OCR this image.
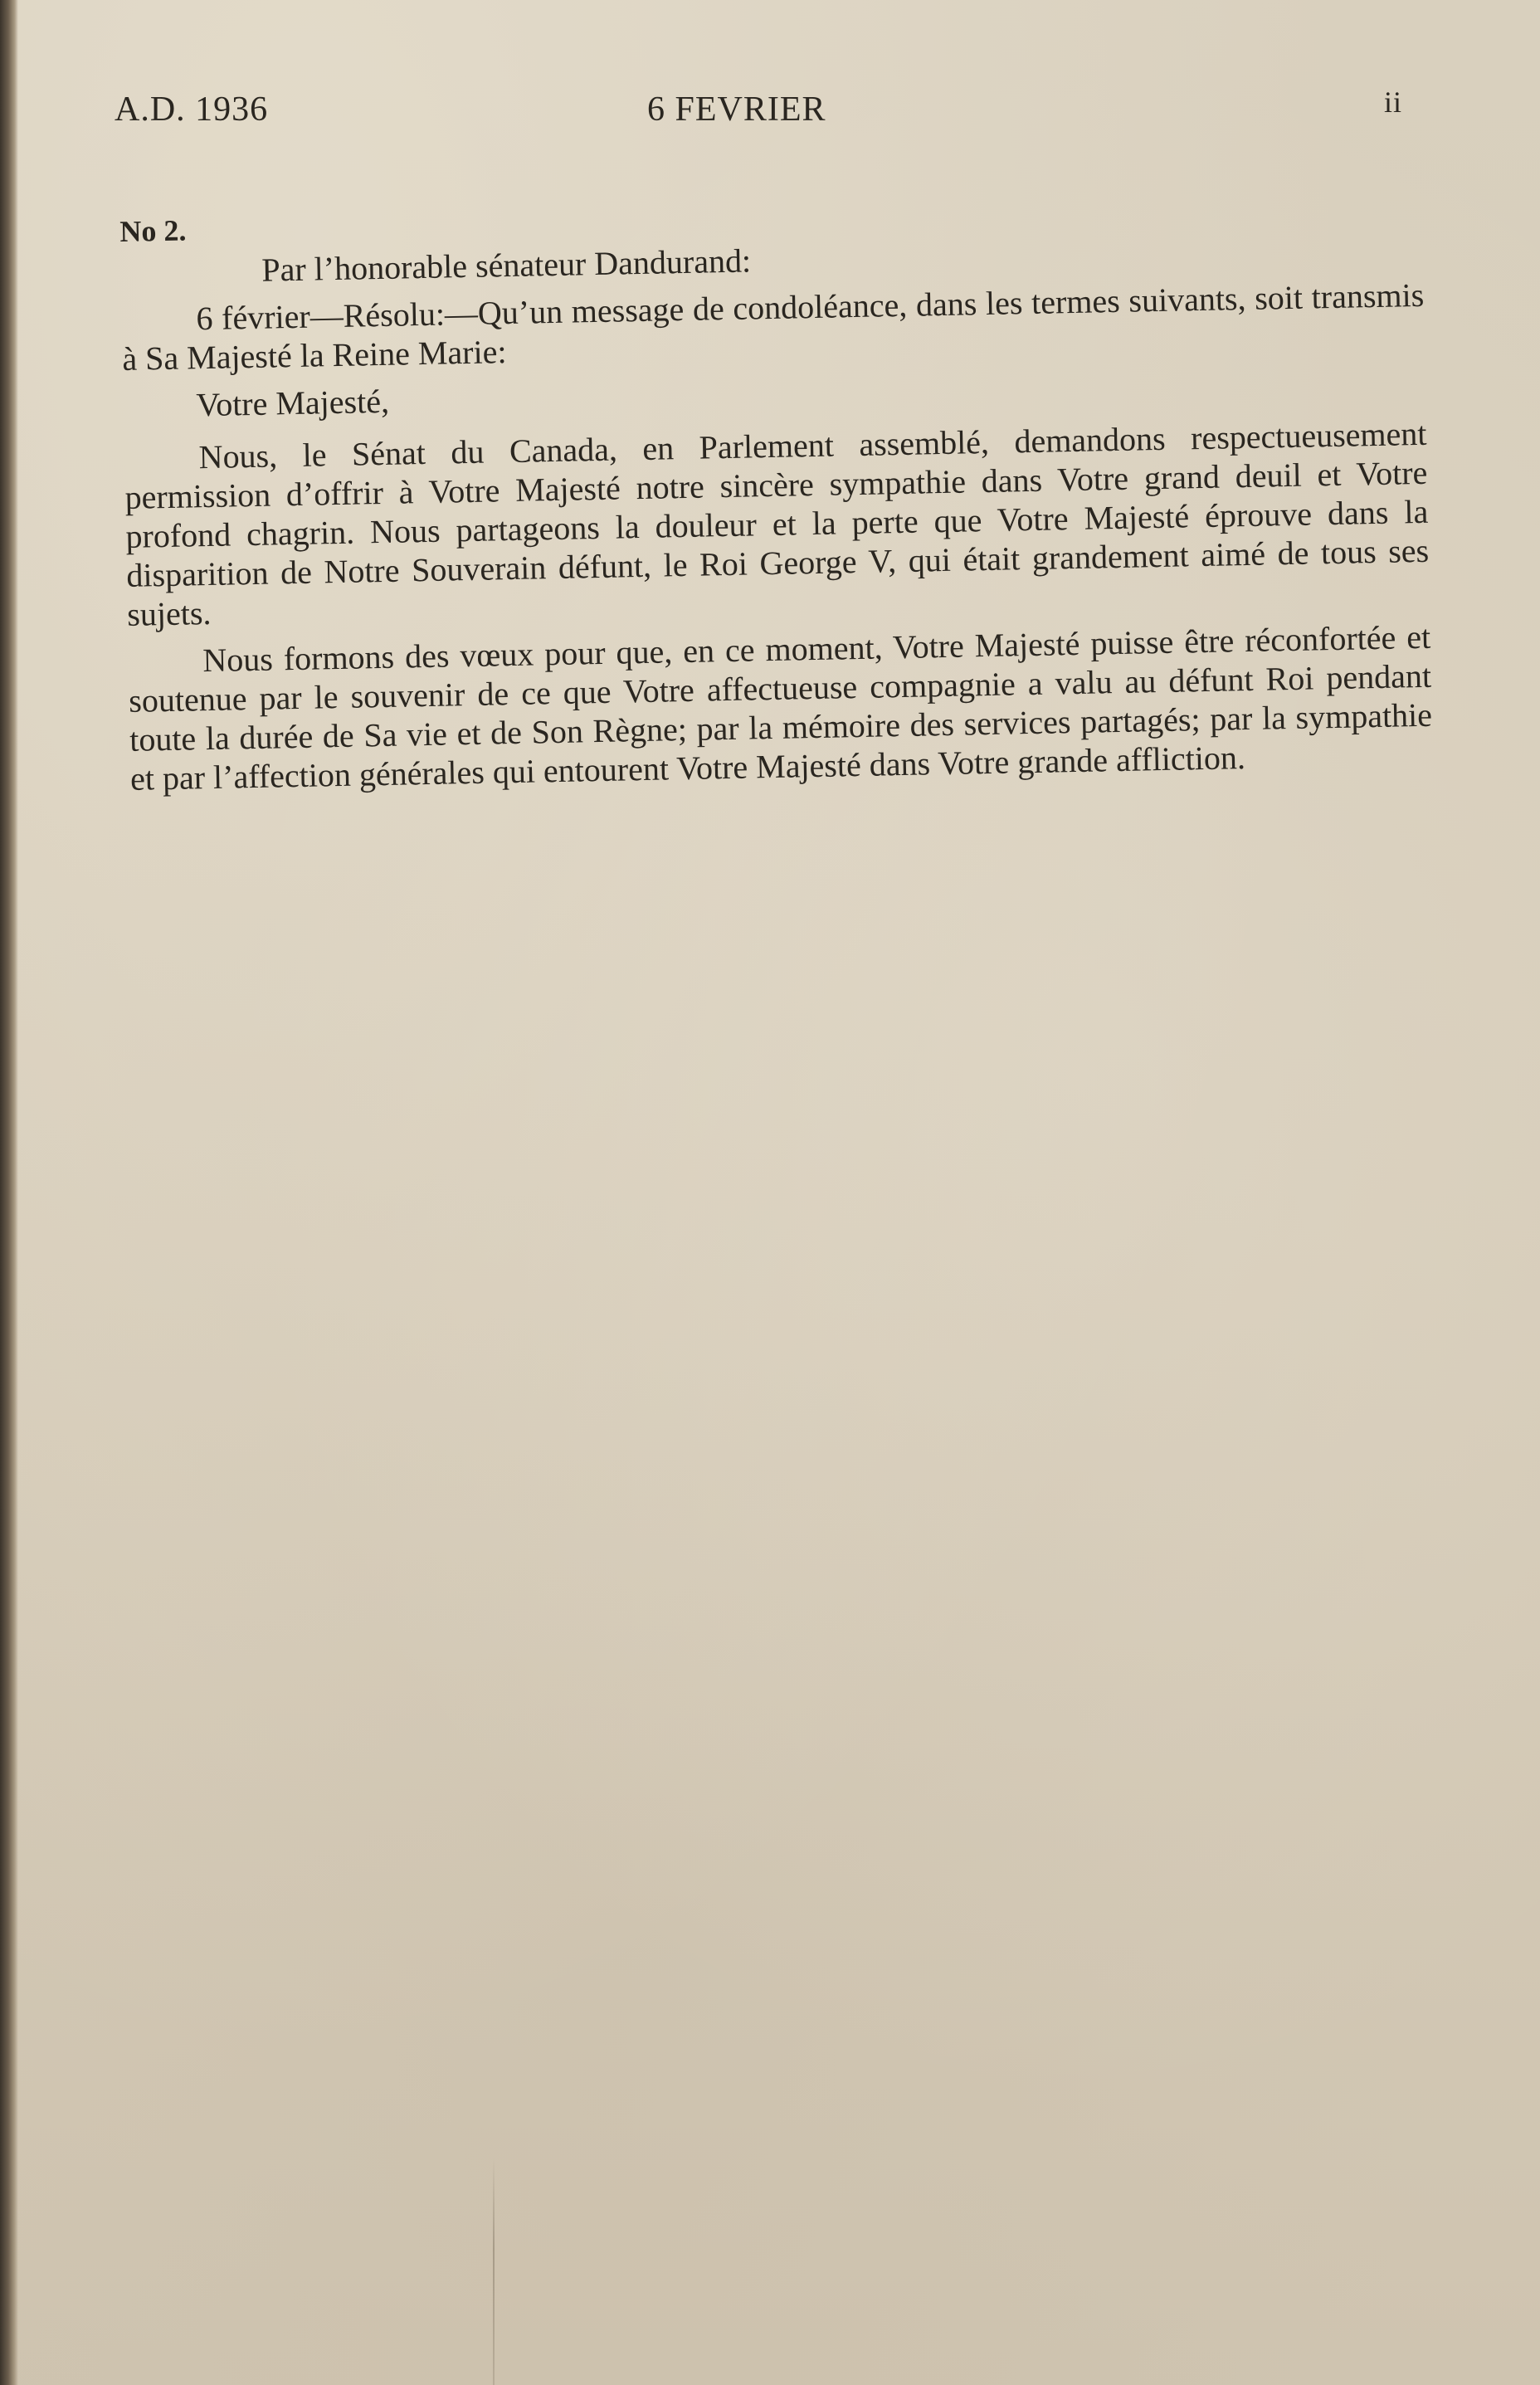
A.D. 1936	6 FEVRIER	ii
No 2.

Par l’honorable sénateur Dandurand:

6 février—Résolu:—Qu’un message de condoléance, dans les termes suivants, soit transmis à Sa Majesté la Reine Marie:

Votre Majesté,

Nous, le Sénat du Canada, en Parlement assemblé, demandons respectueusement permission d’offrir à Votre Majesté notre sincère sympathie dans Votre grand deuil et Votre profond chagrin. Nous partageons la douleur et la perte que Votre Majesté éprouve dans la disparition de Notre Souverain défunt, le Roi George V, qui était grandement aimé de tous ses sujets.

Nous formons des vœux pour que, en ce moment, Votre Majesté puisse être réconfortée et soutenue par le souvenir de ce que Votre affectueuse compagnie a valu au défunt Roi pendant toute la durée de Sa vie et de Son Règne; par la mémoire des services partagés; par la sympathie et par l’affection générales qui entourent Votre Majesté dans Votre grande affliction.
